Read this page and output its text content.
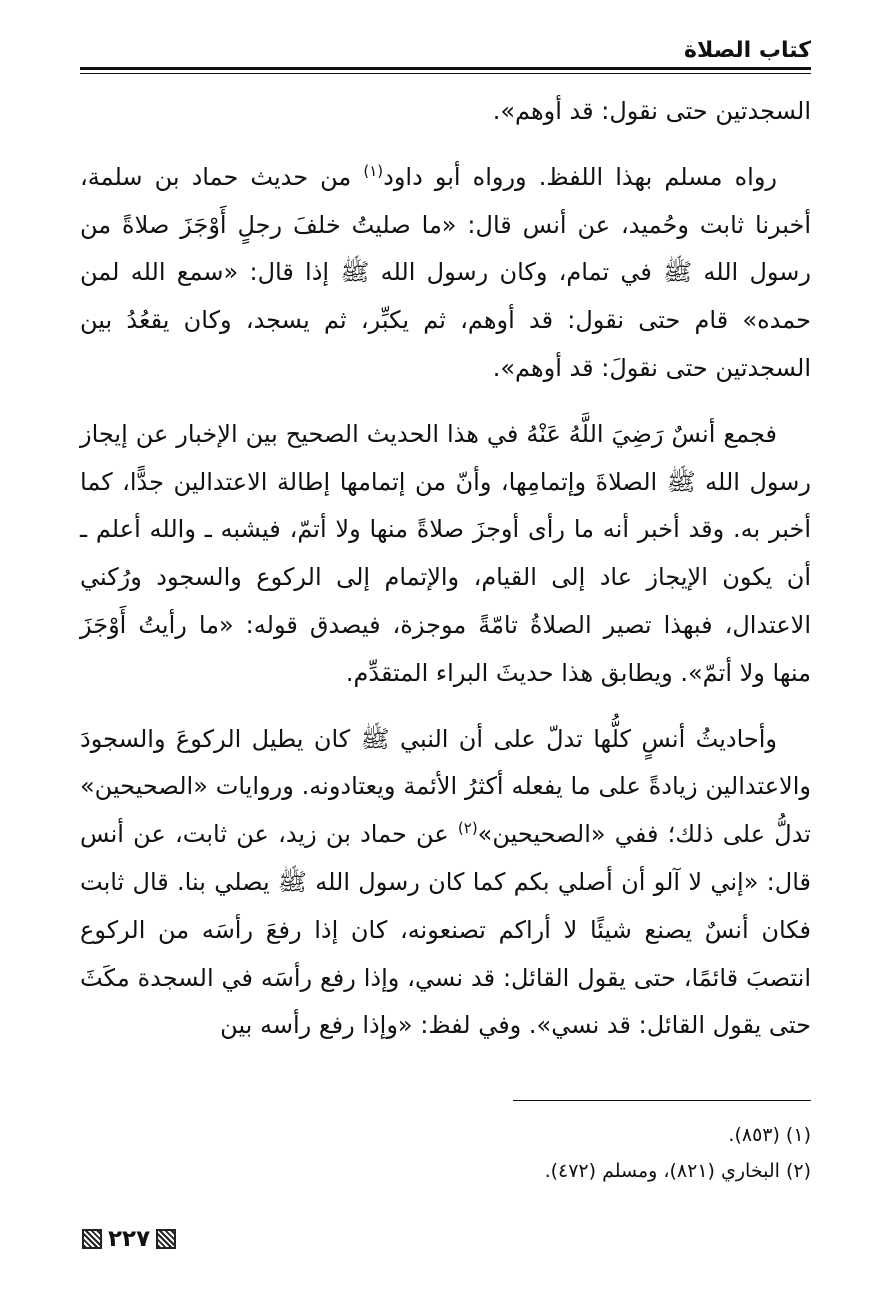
كتاب الصلاة

السجدتين حتى نقول: قد أوهم».

رواه مسلم بهذا اللفظ. ورواه أبو داود$^{(١)}$ من حديث حماد بن سلمة، أخبرنا ثابت وحُميد، عن أنس قال: «ما صليتُ خلفَ رجلٍ أَوْجَزَ صلاةً من رسول الله ﷺ في تمام، وكان رسول الله ﷺ إذا قال: «سمع الله لمن حمده» قام حتى نقول: قد أوهم، ثم يكبِّر، ثم يسجد، وكان يقعُدُ بين السجدتين حتى نقولَ: قد أوهم».

فجمع أنسٌ رَضِيَ اللَّهُ عَنْهُ في هذا الحديث الصحيح بين الإخبار عن إيجاز رسول الله ﷺ الصلاةَ وإتمامِها، وأنّ من إتمامها إطالة الاعتدالين جدًّا، كما أخبر به. وقد أخبر أنه ما رأى أوجزَ صلاةً منها ولا أتمّ، فيشبه ـ والله أعلم ـ أن يكون الإيجاز عاد إلى القيام، والإتمام إلى الركوع والسجود ورُكني الاعتدال، فبهذا تصير الصلاةُ تامّةً موجزة، فيصدق قوله: «ما رأيتُ أَوْجَزَ منها ولا أتمّ». ويطابق هذا حديثَ البراء المتقدِّم.

وأحاديثُ أنسٍ كلُّها تدلّ على أن النبي ﷺ كان يطيل الركوعَ والسجودَ والاعتدالين زيادةً على ما يفعله أكثرُ الأئمة ويعتادونه. وروايات «الصحيحين» تدلُّ على ذلك؛ ففي «الصحيحين»$^{(٢)}$ عن حماد بن زيد، عن ثابت، عن أنس قال: «إني لا آلو أن أصلي بكم كما كان رسول الله ﷺ يصلي بنا. قال ثابت فكان أنسٌ يصنع شيئًا لا أراكم تصنعونه، كان إذا رفعَ رأسَه من الركوع انتصبَ قائمًا، حتى يقول القائل: قد نسي، وإذا رفع رأسَه في السجدة مكَثَ حتى يقول القائل: قد نسي». وفي لفظ: «وإذا رفع رأسه بين

(١) (٨٥٣).
(٢) البخاري (٨٢١)، ومسلم (٤٧٢).
٢٢٧
